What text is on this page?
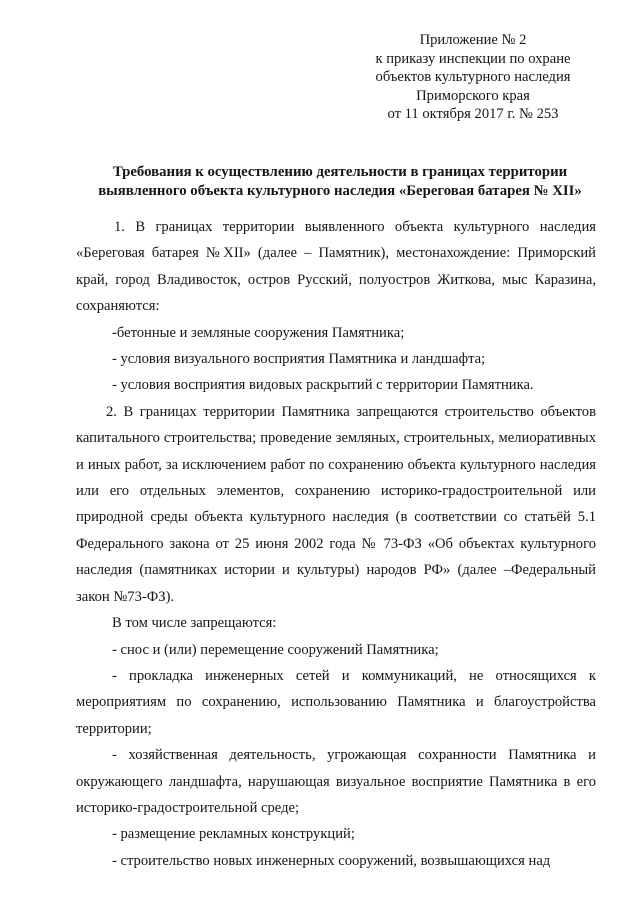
Приложение № 2
к приказу инспекции по охране
объектов культурного наследия
Приморского края
от 11 октября 2017 г. № 253
Требования к осуществлению деятельности в границах территории
выявленного объекта культурного наследия «Береговая батарея № XII»

1. В границах территории выявленного объекта культурного наследия «Береговая батарея №XII» (далее – Памятник), местонахождение: Приморский край, город Владивосток, остров Русский, полуостров Житкова, мыс Каразина, сохраняются:

-бетонные и земляные сооружения Памятника;

- условия визуального восприятия Памятника и ландшафта;

- условия восприятия видовых раскрытий с территории Памятника.

2. В границах территории Памятника запрещаются строительство объектов капитального строительства; проведение земляных, строительных, мелиоративных и иных работ, за исключением работ по сохранению объекта культурного наследия или его отдельных элементов, сохранению историко-градостроительной или природной среды объекта культурного наследия (в соответствии со статьёй 5.1 Федерального закона от 25 июня 2002 года № 73-ФЗ «Об объектах культурного наследия (памятниках истории и культуры) народов РФ» (далее –Федеральный закон №73-ФЗ).

В том числе запрещаются:

- снос и (или) перемещение сооружений Памятника;

- прокладка инженерных сетей и коммуникаций, не относящихся к мероприятиям по сохранению, использованию Памятника и благоустройства территории;

- хозяйственная деятельность, угрожающая сохранности Памятника и окружающего ландшафта, нарушающая визуальное восприятие Памятника в его историко-градостроительной среде;

- размещение рекламных конструкций;

- строительство новых инженерных сооружений, возвышающихся над
